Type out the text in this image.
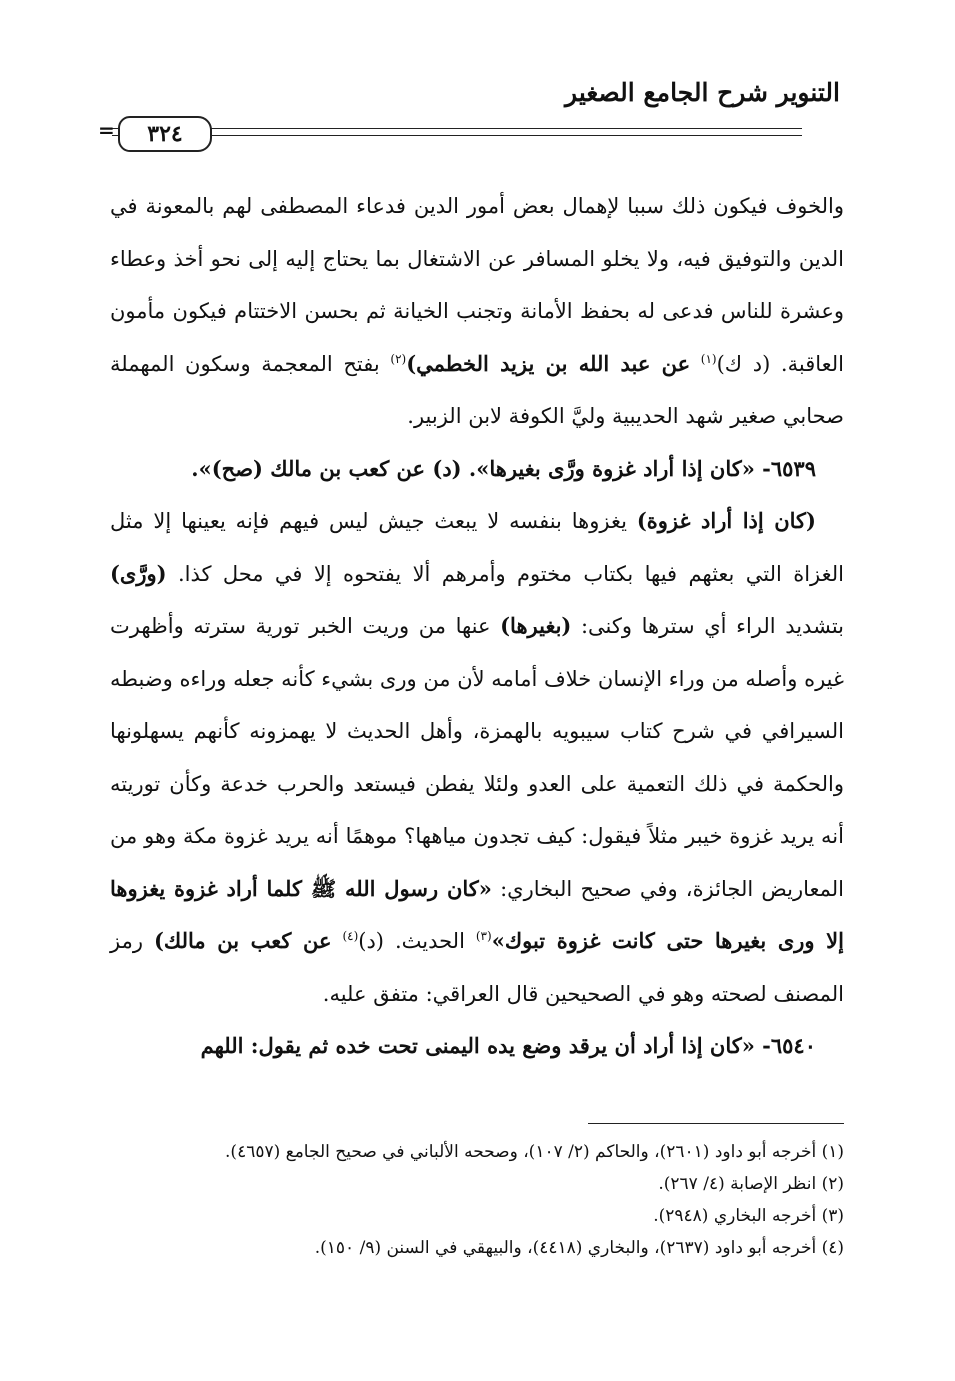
التنوير شرح الجامع الصغير
= ٣٢٤

والخوف فيكون ذلك سببا لإهمال بعض أمور الدين فدعاء المصطفى لهم بالمعونة في الدين والتوفيق فيه، ولا يخلو المسافر عن الاشتغال بما يحتاج إليه إلى نحو أخذ وعطاء وعشرة للناس فدعى له بحفظ الأمانة وتجنب الخيانة ثم بحسن الاختتام فيكون مأمون العاقبة. (د ك)$^{(١)}$ عن عبد الله بن يزيد الخطمي)$^{(٢)}$ بفتح المعجمة وسكون المهملة صحابي صغير شهد الحديبية وليَّ الكوفة لابن الزبير.

٦٥٣٩- «كان إذا أراد غزوة ورَّى بغيرها». (د) عن كعب بن مالك (صح)».

(كان إذا أراد غزوة) يغزوها بنفسه لا يبعث جيش ليس فيهم فإنه يعينها إلا مثل الغزاة التي بعثهم فيها بكتاب مختوم وأمرهم ألا يفتحوه إلا في محل كذا. (ورَّى) بتشديد الراء أي سترها وكنى: (بغيرها) عنها من وريت الخبر تورية سترته وأظهرت غيره وأصله من وراء الإنسان خلاف أمامه لأن من ورى بشيء كأنه جعله وراءه وضبطه السيرافي في شرح كتاب سيبويه بالهمزة، وأهل الحديث لا يهمزونه كأنهم يسهلونها والحكمة في ذلك التعمية على العدو ولئلا يفطن فيستعد والحرب خدعة وكأن توريته أنه يريد غزوة خيبر مثلاً فيقول: كيف تجدون مياهها؟ موهمًا أنه يريد غزوة مكة وهو من المعاريض الجائزة، وفي صحيح البخاري: «كان رسول الله ﷺ كلما أراد غزوة يغزوها إلا ورى بغيرها حتى كانت غزوة تبوك»$^{(٣)}$ الحديث. (د)$^{(٤)}$ عن كعب بن مالك) رمز المصنف لصحته وهو في الصحيحين قال العراقي: متفق عليه.

٦٥٤٠- «كان إذا أراد أن يرقد وضع يده اليمنى تحت خده ثم يقول: اللهم

(١) أخرجه أبو داود (٢٦٠١)، والحاكم (٢/ ١٠٧)، وصححه الألباني في صحيح الجامع (٤٦٥٧).
(٢) انظر الإصابة (٤/ ٢٦٧).
(٣) أخرجه البخاري (٢٩٤٨).
(٤) أخرجه أبو داود (٢٦٣٧)، والبخاري (٤٤١٨)، والبيهقي في السنن (٩/ ١٥٠).
